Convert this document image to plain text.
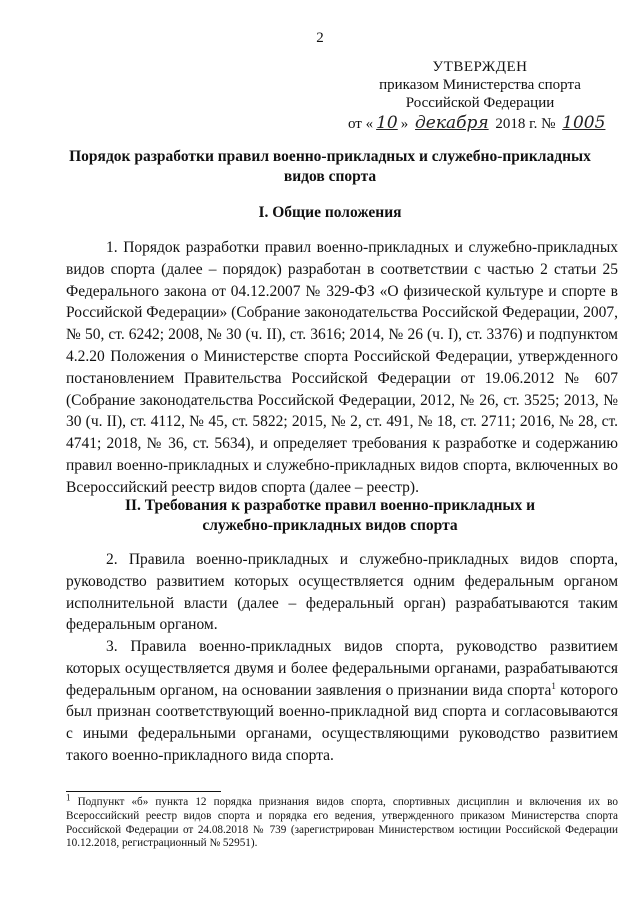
2
УТВЕРЖДЕН
приказом Министерства спорта
Российской Федерации
от « 10 » декабря 2018 г. № 1005
Порядок разработки правил военно-прикладных и служебно-прикладных
видов спорта
I. Общие положения
1. Порядок разработки правил военно-прикладных и служебно-прикладных видов спорта (далее – порядок) разработан в соответствии с частью 2 статьи 25 Федерального закона от 04.12.2007 № 329-ФЗ «О физической культуре и спорте в Российской Федерации» (Собрание законодательства Российской Федерации, 2007, № 50, ст. 6242; 2008, № 30 (ч. II), ст. 3616; 2014, № 26 (ч. I), ст. 3376) и подпунктом 4.2.20 Положения о Министерстве спорта Российской Федерации, утвержденного постановлением Правительства Российской Федерации от 19.06.2012 № 607 (Собрание законодательства Российской Федерации, 2012, № 26, ст. 3525; 2013, № 30 (ч. II), ст. 4112, № 45, ст. 5822; 2015, № 2, ст. 491, № 18, ст. 2711; 2016, № 28, ст. 4741; 2018, № 36, ст. 5634), и определяет требования к разработке и содержанию правил военно-прикладных и служебно-прикладных видов спорта, включенных во Всероссийский реестр видов спорта (далее – реестр).
II. Требования к разработке правил военно-прикладных и
служебно-прикладных видов спорта
2. Правила военно-прикладных и служебно-прикладных видов спорта, руководство развитием которых осуществляется одним федеральным органом исполнительной власти (далее – федеральный орган) разрабатываются таким федеральным органом.
3. Правила военно-прикладных видов спорта, руководство развитием которых осуществляется двумя и более федеральными органами, разрабатываются федеральным органом, на основании заявления о признании вида спорта$^1$ которого был признан соответствующий военно-прикладной вид спорта и согласовываются с иными федеральными органами, осуществляющими руководство развитием такого военно-прикладного вида спорта.
$^1$ Подпункт «б» пункта 12 порядка признания видов спорта, спортивных дисциплин и включения их во Всероссийский реестр видов спорта и порядка его ведения, утвержденного приказом Министерства спорта Российской Федерации от 24.08.2018 № 739 (зарегистрирован Министерством юстиции Российской Федерации 10.12.2018, регистрационный № 52951).
